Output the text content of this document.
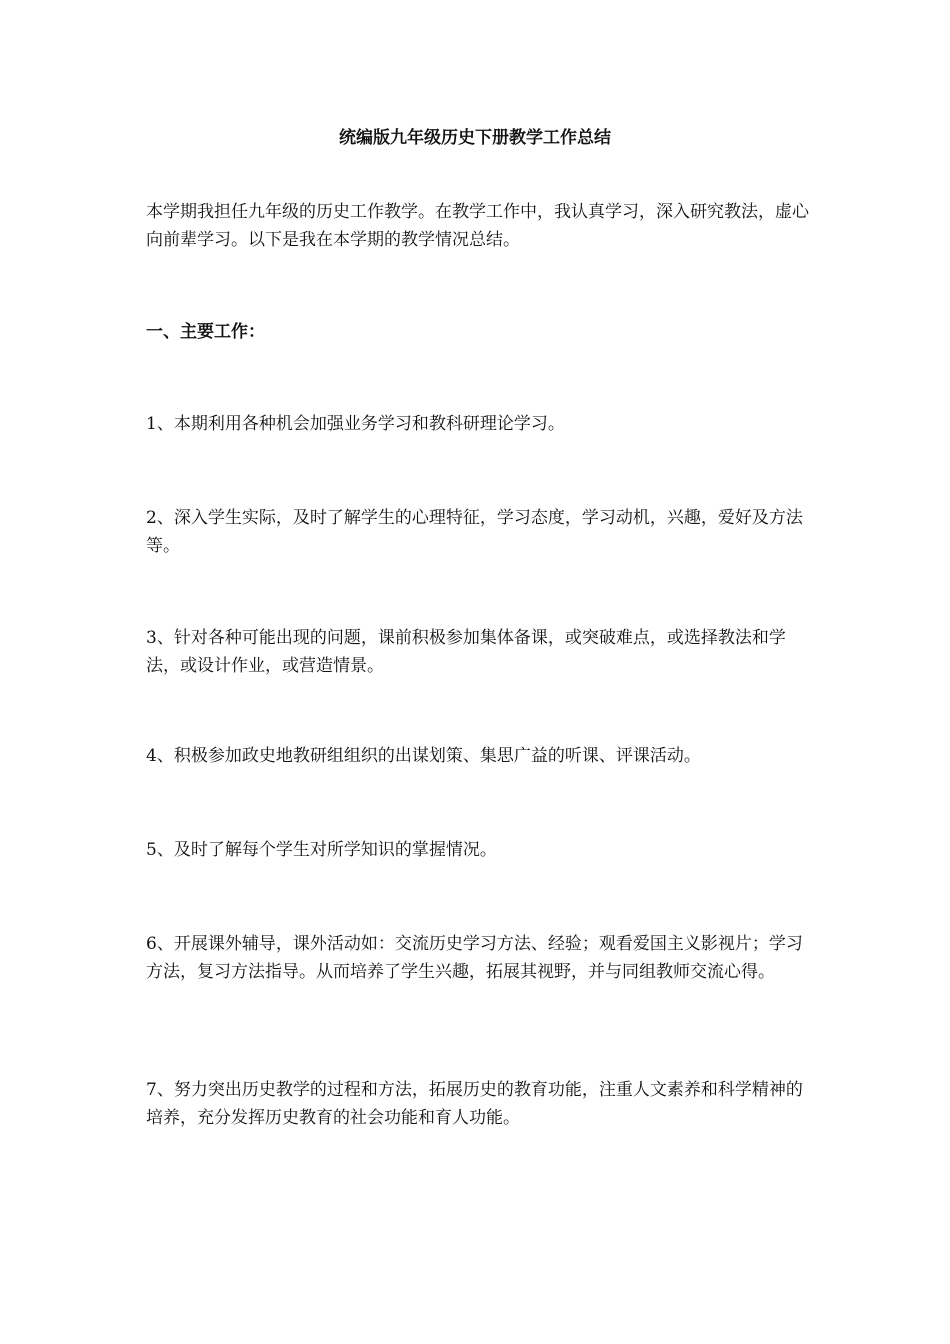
统编版九年级历史下册教学工作总结

本学期我担任九年级的历史工作教学。在教学工作中，我认真学习，深入研究教法，虚心向前辈学习。以下是我在本学期的教学情况总结。

一、主要工作：

1、本期利用各种机会加强业务学习和教科研理论学习。

2、深入学生实际，及时了解学生的心理特征，学习态度，学习动机，兴趣，爱好及方法等。

3、针对各种可能出现的问题，课前积极参加集体备课，或突破难点，或选择教法和学法，或设计作业，或营造情景。

4、积极参加政史地教研组组织的出谋划策、集思广益的听课、评课活动。

5、及时了解每个学生对所学知识的掌握情况。

6、开展课外辅导，课外活动如：交流历史学习方法、经验；观看爱国主义影视片；学习方法，复习方法指导。从而培养了学生兴趣，拓展其视野，并与同组教师交流心得。

7、努力突出历史教学的过程和方法，拓展历史的教育功能，注重人文素养和科学精神的培养，充分发挥历史教育的社会功能和育人功能。
